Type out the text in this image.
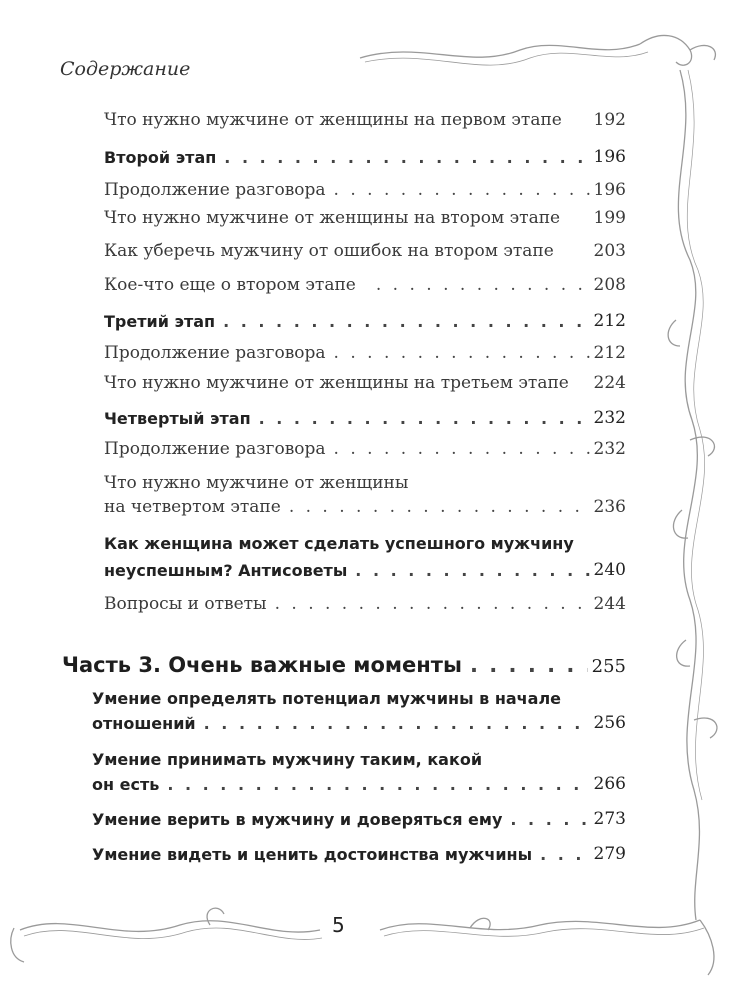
Содержание
Что нужно мужчине от женщины на первом этапе 192
Второй этап . . .	196
Продолжение разговора . . .	196
Что нужно мужчине от женщины на втором этапе 199
Как уберечь мужчину от ошибок на втором этапе 203
Кое-что еще о втором этапе . . .	208
Третий этап . . .	212
Продолжение разговора . . .	212
Что нужно мужчине от женщины на третьем этапе 224
Четвертый этап . . .	232
Продолжение разговора . . .	232
Что нужно мужчине от женщины
на четвертом этапе . . .	236
Как женщина может сделать успешного мужчину
неуспешным? Антисоветы . . .	240
Вопросы и ответы . . .	244
Часть 3. Очень важные моменты . . .	255
Умение определять потенциал мужчины в начале
отношений . . .	256
Умение принимать мужчину таким, какой
он есть . . .	266
Умение верить в мужчину и доверяться ему . . .	273
Умение видеть и ценить достоинства мужчины . . .	279
5
